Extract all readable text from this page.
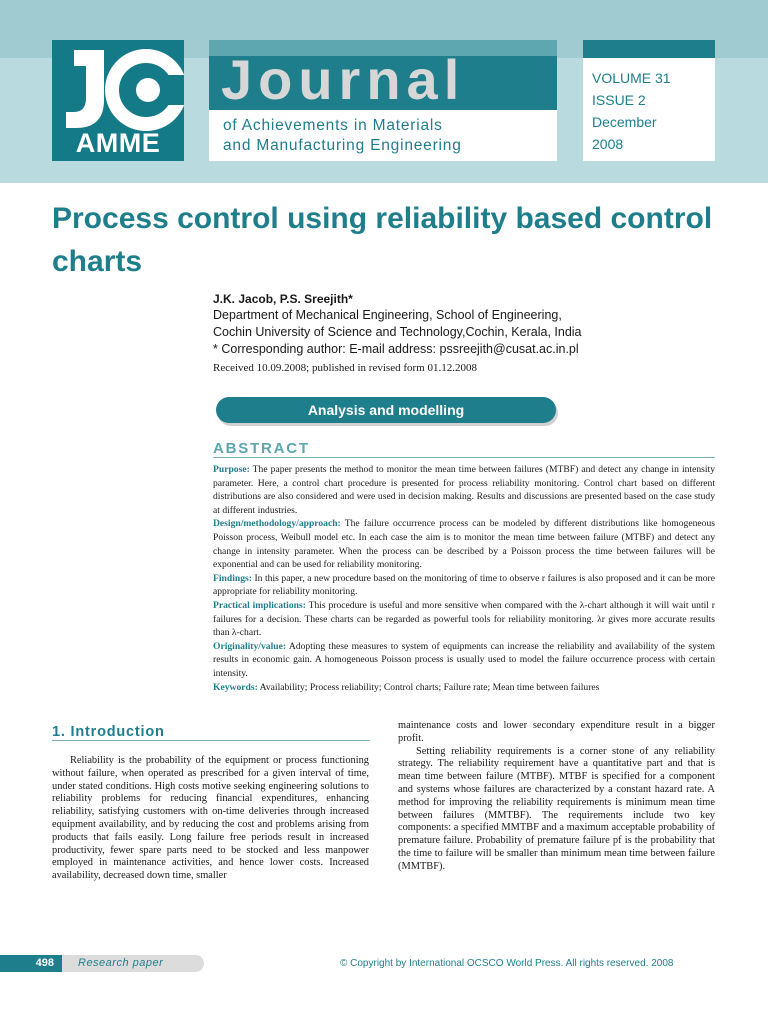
AMME
Journal
of Achievements in Materials
and Manufacturing Engineering
VOLUME 31
ISSUE 2
December
2008
Process control using reliability based control charts
J.K. Jacob, P.S. Sreejith*
Department of Mechanical Engineering, School of Engineering,
Cochin University of Science and Technology,Cochin, Kerala, India
* Corresponding author: E-mail address: pssreejith@cusat.ac.in.pl
Received 10.09.2008; published in revised form 01.12.2008
Analysis and modelling
ABSTRACT
Purpose: The paper presents the method to monitor the mean time between failures (MTBF) and detect any change in intensity parameter. Here, a control chart procedure is presented for process reliability monitoring. Control chart based on different distributions are also considered and were used in decision making. Results and discussions are presented based on the case study at different industries.
Design/methodology/approach: The failure occurrence process can be modeled by different distributions like homogeneous Poisson process, Weibull model etc. In each case the aim is to monitor the mean time between failure (MTBF) and detect any change in intensity parameter. When the process can be described by a Poisson process the time between failures will be exponential and can be used for reliability monitoring.
Findings: In this paper, a new procedure based on the monitoring of time to observe r failures is also proposed and it can be more appropriate for reliability monitoring.
Practical implications: This procedure is useful and more sensitive when compared with the λ-chart although it will wait until r failures for a decision. These charts can be regarded as powerful tools for reliability monitoring. λr gives more accurate results than λ-chart.
Originality/value: Adopting these measures to system of equipments can increase the reliability and availability of the system results in economic gain. A homogeneous Poisson process is usually used to model the failure occurrence process with certain intensity.
Keywords: Availability; Process reliability; Control charts; Failure rate; Mean time between failures
1. Introduction

Reliability is the probability of the equipment or process functioning without failure, when operated as prescribed for a given interval of time, under stated conditions. High costs motive seeking engineering solutions to reliability problems for reducing financial expenditures, enhancing reliability, satisfying customers with on-time deliveries through increased equipment availability, and by reducing the cost and problems arising from products that fails easily. Long failure free periods result in increased productivity, fewer spare parts need to be stocked and less manpower employed in maintenance activities, and hence lower costs. Increased availability, decreased down time, smaller

maintenance costs and lower secondary expenditure result in a bigger profit.

Setting reliability requirements is a corner stone of any reliability strategy. The reliability requirement have a quantitative part and that is mean time between failure (MTBF). MTBF is specified for a component and systems whose failures are characterized by a constant hazard rate. A method for improving the reliability requirements is minimum mean time between failures (MMTBF). The requirements include two key components: a specified MMTBF and a maximum acceptable probability of premature failure. Probability of premature failure pf is the probability that the time to failure will be smaller than minimum mean time between failure (MMTBF).

498	Research paper	© Copyright by International OCSCO World Press. All rights reserved. 2008
